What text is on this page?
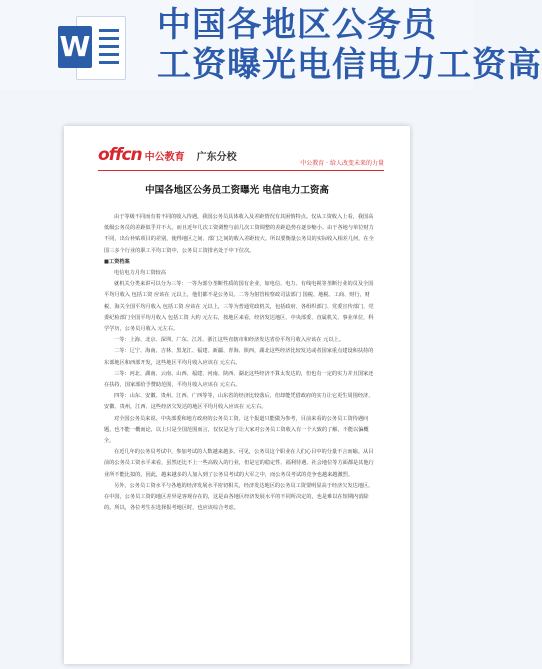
W
中国各地区公务员
工资曝光电信电力工资高
offcn 中公教育 广东分校
中公教育 · 给人改变未来的力量
中国各地区公务员工资曝光 电信电力工资高

由于等级不同而有着不同的收入待遇。我国公务员具体收入及差距情况有其困惰特点。仅从工资收入上看，我国高低级公务员的差距似乎并不大。而且近年几次工资调整与前几次工资调整的差距趋势在逐步缩小。由于各地与单位财力不同，出台补贴项目的差别，使得地区之间、部门之间的收入差距较大。所以要衡量公务员的实际收入相差几何，在全国三多个行业的职工平均工资中，公务员工资排名处于中下位次。

■工资档案

电信电力月均工资较高

就机关分类来讲可以分为三等：一等为部分垄断性质的国有企业，如电信、电力、有线电视等垄断行业的员及全国平均月收入 包括工资 应该在 元以上，他们都不是公务员。二等为射管检察政司法部门 国税、地税、工商、财行，财税、海关全国平均月收入 包括工资 应该在 元以上，三等为普通党政机关，包括政府、各组织部门、党委宣传部门、党委纪检部门全国平均月收入 包括工资 大约 元左右，按地区来看，经济发达地区、中央部委、直属机关、事业单位，科学学历，公务员月收入 元左右。

一等：上海、北京、深圳、广东、江苏、浙江这些直辖市和经济发达省份平均月收入应该在 元以上。

二等：辽宁、海南、吉林、黑龙江、福建、新疆、青海、陕西，湖北这些经济比较发达或者国家重点建设和扶持的东部地区和西部开发，这些地区平均月收入应该在 元左右。

三等：河北、湖南、云南、山西、福建、河南、陕西、湖北这些经济不算太发达的，但也有一定的实力并且国家还在扶持，国家部给予赞助范围，平均月收入应该在 元左右。

四等：山东、安徽、贵州、江西、广西等等，山东省的经济比较落后，但却能凭借政府的实力让它更生周围经济，安徽、贵州，江西、这些经济欠发达的地区平均月收入应该在 元左右。

对全国公务员来说，中央部委和地方政府的公务员工资，这个报道只能做为参考，目前来看的公务员工资待遇问题，也不能一概而论，以上只是全国范围而言，仅仅是为了让大家对公务员工资收入有一个大致的了解，不能以偏概全。

在近几年的公务员考试中，参加考试的人数越来越多。可见，公务员这个职业在人们心目中的分量不言而喻。从目前的公务员工资水平来看，虽然还比不上一些高收入的行业，但是它的稳定性、福利待遇、社会地位等方面都是其他行业所不能比拟的。因此，越来越多的人加入到了公务员考试的大军之中，而公务员考试的竞争也越来越激烈。

另外，公务员工资水平与各地的经济发展水平密切相关，经济发达地区的公务员工资要明显高于经济欠发达地区。在中国，公务员工资的地区差异是客观存在的，这是由各地区经济发展水平的不同所决定的，也是难以在短期内消除的。所以，各位考生在选择报考地区时，也应该综合考虑。
